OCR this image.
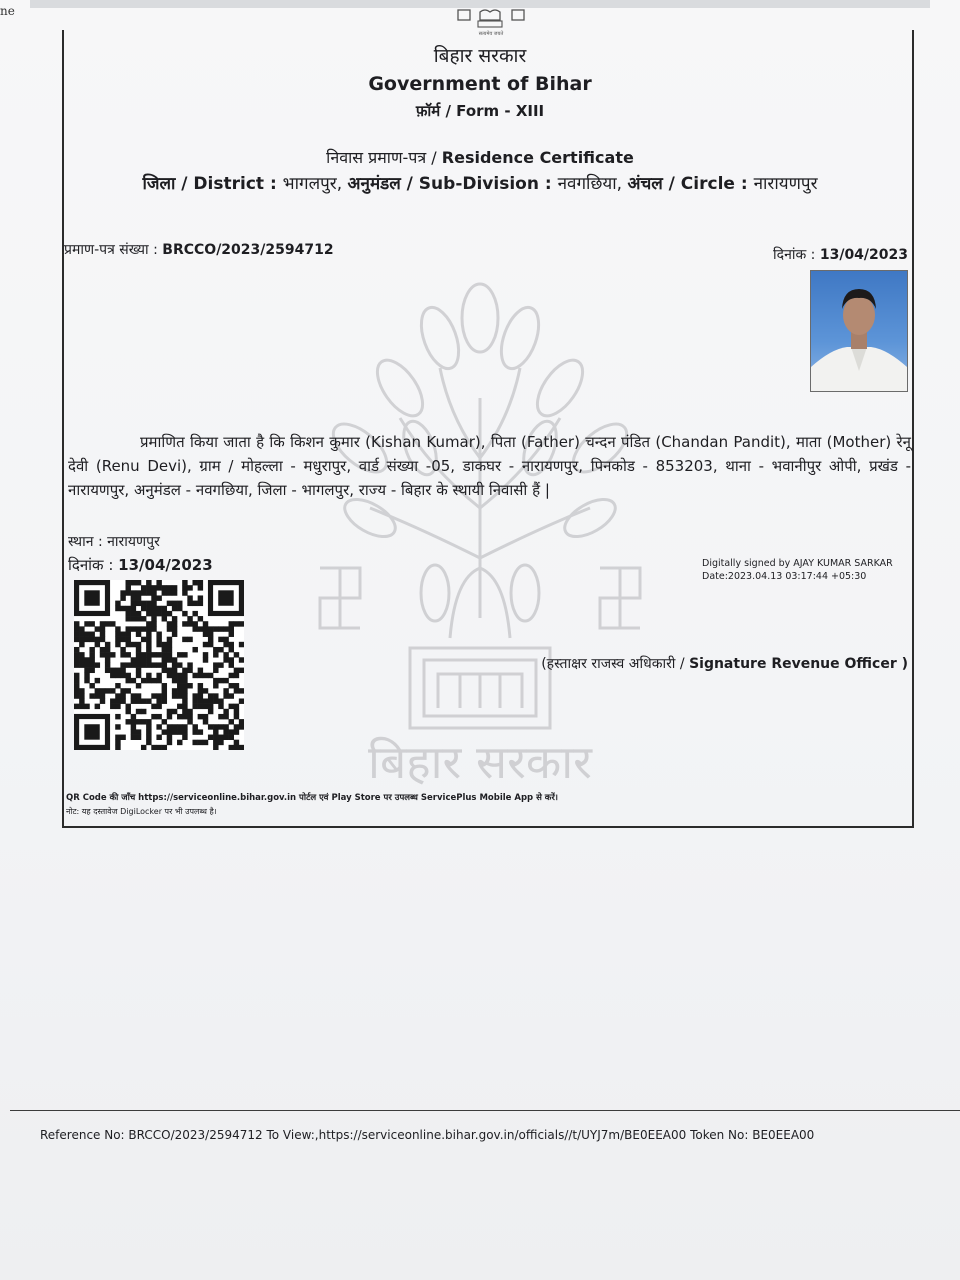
ne
सत्यमेव जयते
बिहार सरकार
Government of Bihar
फ़ॉर्म / Form - XIII
निवास प्रमाण-पत्र / Residence Certificate
जिला / District : भागलपुर, अनुमंडल / Sub-Division : नवगछिया, अंचल / Circle : नारायणपुर
प्रमाण-पत्र संख्या : BRCCO/2023/2594712	दिनांक : 13/04/2023
बिहार सरकार
प्रमाणित किया जाता है कि किशन कुमार (Kishan Kumar), पिता (Father) चन्दन पंडित (Chandan Pandit), माता (Mother) रेनू देवी (Renu Devi), ग्राम / मोहल्ला - मधुरापुर, वार्ड संख्या -05, डाकघर - नारायणपुर, पिनकोड - 853203, थाना - भवानीपुर ओपी, प्रखंड - नारायणपुर, अनुमंडल - नवगछिया, जिला - भागलपुर, राज्य - बिहार के स्थायी निवासी हैं |
स्थान : नारायणपुर
दिनांक : 13/04/2023	Digitally signed by AJAY KUMAR SARKAR
Date:2023.04.13 03:17:44 +05:30
(हस्ताक्षर राजस्व अधिकारी / Signature Revenue Officer )
QR Code की जाँच https://serviceonline.bihar.gov.in पोर्टल एवं Play Store पर उपलब्ध ServicePlus Mobile App से करें।
नोट: यह दस्तावेज DigiLocker पर भी उपलब्ध है।
Reference No: BRCCO/2023/2594712 To View:,https://serviceonline.bihar.gov.in/officials//t/UYJ7m/BE0EEA00 Token No: BE0EEA00
